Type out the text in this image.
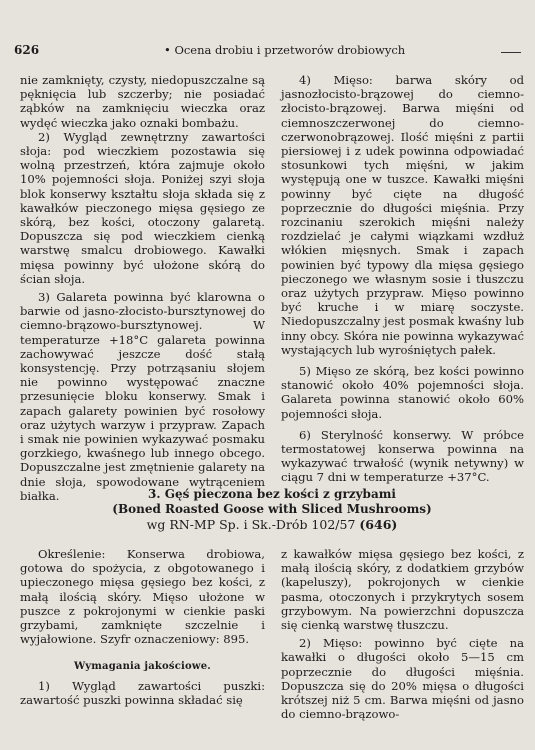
626	• Ocena drobiu i przetworów drobiowych

nie zamknięty, czysty, niedopuszczalne są pęknięcia lub szczerby; nie posiadać ząbków na zamknięciu wieczka oraz wydęć wieczka jako oznaki bombażu.

2) Wygląd zewnętrzny zawartości słoja: pod wieczkiem pozostawia się wolną przestrzeń, która zajmuje około 10% pojemności słoja. Poniżej szyi słoja blok konserwy kształtu słoja składa się z kawałków pieczonego mięsa gęsiego ze skórą, bez kości, otoczony galaretą. Dopuszcza się pod wieczkiem cienką warstwę smalcu drobiowego. Kawałki mięsa powinny być ułożone skórą do ścian słoja.

3) Galareta powinna być klarowna o barwie od jasno-złocisto-bursztynowej do ciemno-brązowo-bursztynowej. W temperaturze +18°C galareta powinna zachowywać jeszcze dość stałą konsystencję. Przy potrząsaniu słojem nie powinno występować znaczne przesunięcie bloku konserwy. Smak i zapach galarety powinien być rosołowy oraz użytych warzyw i przypraw. Zapach i smak nie powinien wykazywać posmaku gorzkiego, kwaśnego lub innego obcego. Dopuszczalne jest zmętnienie galarety na dnie słoja, spowodowane wytrąceniem białka.

4) Mięso: barwa skóry od jasnozłocisto-brązowej do ciemno-złocisto-brązowej. Barwa mięśni od ciemnoszczerwonej do ciemno-czerwonobrązowej. Ilość mięśni z partii piersiowej i z udek powinna odpowiadać stosunkowi tych mięśni, w jakim występują one w tuszce. Kawałki mięśni powinny być cięte na długość poprzecznie do długości mięśnia. Przy rozcinaniu szerokich mięśni należy rozdzielać je całymi wiązkami wzdłuż włókien mięsnych. Smak i zapach powinien być typowy dla mięsa gęsiego pieczonego we własnym sosie i tłuszczu oraz użytych przypraw. Mięso powinno być kruche i w miarę soczyste. Niedopuszczalny jest posmak kwaśny lub inny obcy. Skóra nie powinna wykazywać wystających lub wyrośniętych pałek.

5) Mięso ze skórą, bez kości powinno stanowić około 40% pojemności słoja. Galareta powinna stanowić około 60% pojemności słoja.

6) Sterylność konserwy. W próbce termostatowej konserwa powinna na wykazywać trwałość (wynik netywny) w ciągu 7 dni w temperaturze +37°C.

3. Gęś pieczona bez kości z grzybami
(Boned Roasted Goose with Sliced Mushrooms)
wg RN-MP Sp. i Sk.-Drób 102/57 (646)

Określenie: Konserwa drobiowa, gotowa do spożycia, z obgotowanego i upieczonego mięsa gęsiego bez kości, z małą ilością skóry. Mięso ułożone w puszce z pokrojonymi w cienkie paski grzybami, zamknięte szczelnie i wyjałowione. Szyfr oznaczeniowy: 895.

Wymagania jakościowe.

1) Wygląd zawartości puszki: zawartość puszki powinna składać się

z kawałków mięsa gęsiego bez kości, z małą ilością skóry, z dodatkiem grzybów (kapeluszy), pokrojonych w cienkie pasma, otoczonych i przykrytych sosem grzybowym. Na powierzchni dopuszcza się cienką warstwę tłuszczu.

2) Mięso: powinno być cięte na kawałki o długości około 5—15 cm poprzecznie do długości mięśnia. Dopuszcza się do 20% mięsa o długości krótszej niż 5 cm. Barwa mięśni od jasno do ciemno-brązowo-
